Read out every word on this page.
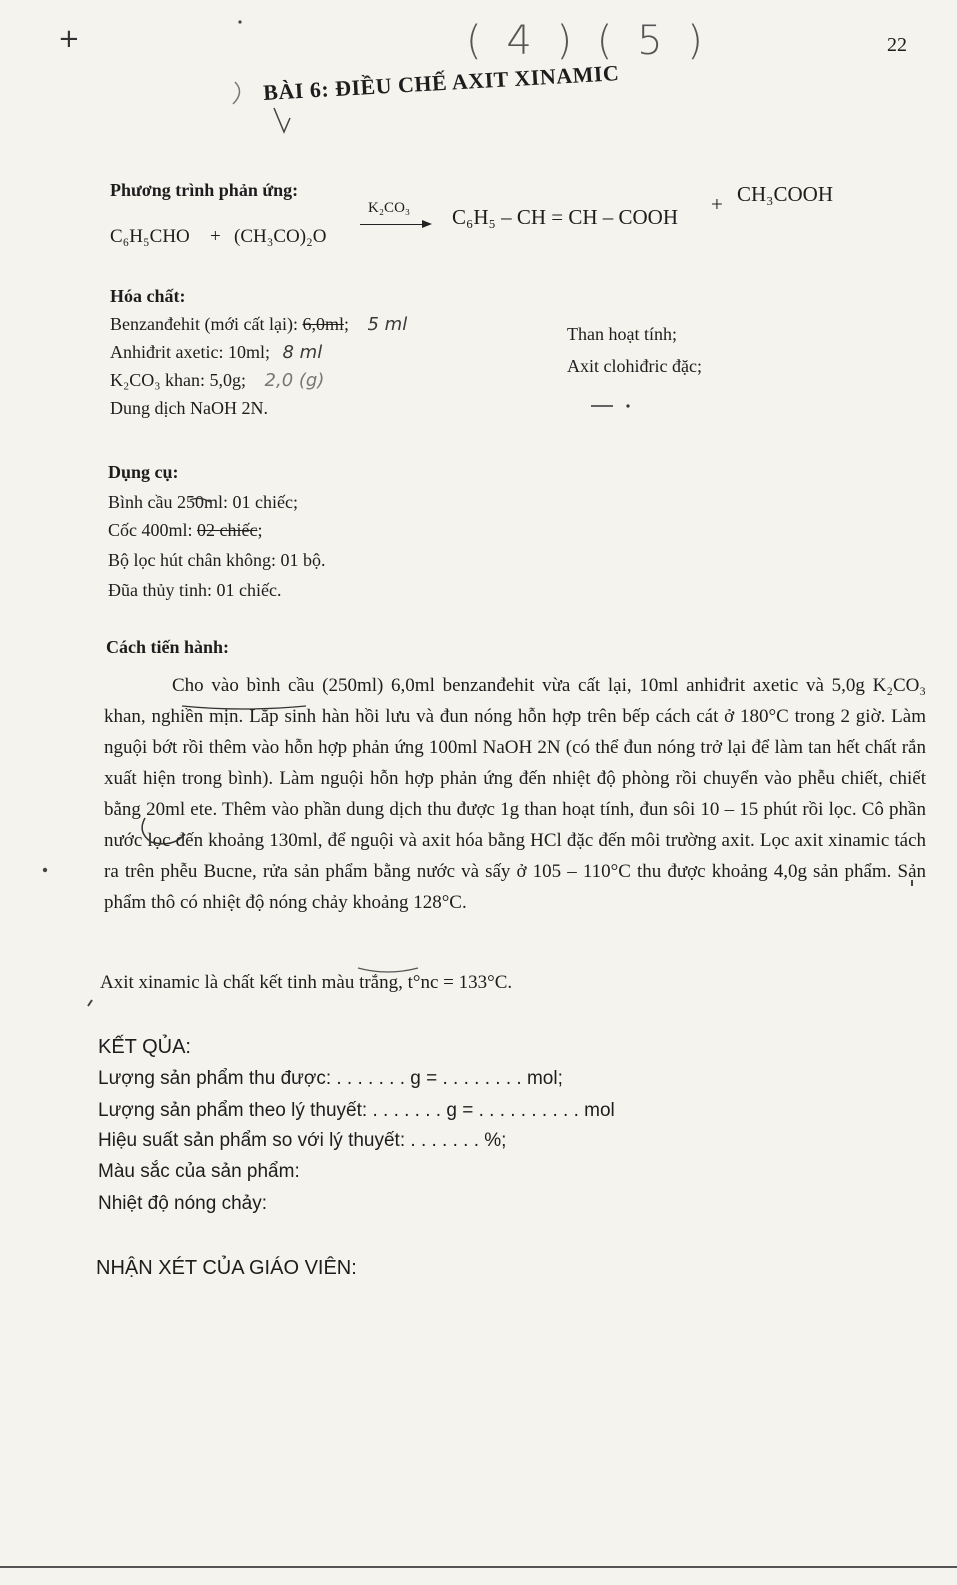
+	( 4 ) ( 5 )	22
BÀI 6: ĐIỀU CHẾ AXIT XINAMIC
Phương trình phản ứng:
C₆H₅CHO + (CH₃CO)₂O
K₂CO₃ C₆H₅ – CH = CH – COOH
+ CH₃COOH
Hóa chất:
Benzanđehit (mới cất lại): 6,0ml; 5 ml
Anhiđrit axetic: 10ml; 8 ml
K₂CO₃ khan: 5,0g; 2,0 (g)
Dung dịch NaOH 2N.
Than hoạt tính;
Axit clohiđric đặc;
Dụng cụ:
Bình cầu 250ml: 01 chiếc;
Cốc 400ml: 02 chiếc;
Bộ lọc hút chân không: 01 bộ.
Đũa thủy tinh: 01 chiếc.
Cách tiến hành:

Cho vào bình cầu (250ml) 6,0ml benzanđehit vừa cất lại, 10ml anhiđrit axetic và 5,0g K₂CO₃ khan, nghiền mịn. Lắp sinh hàn hồi lưu và đun nóng hỗn hợp trên bếp cách cát ở 180°C trong 2 giờ. Làm nguội bớt rồi thêm vào hỗn hợp phản ứng 100ml NaOH 2N (có thể đun nóng trở lại để làm tan hết chất rắn xuất hiện trong bình). Làm nguội hỗn hợp phản ứng đến nhiệt độ phòng rồi chuyển vào phễu chiết, chiết bằng 20ml ete. Thêm vào phần dung dịch thu được 1g than hoạt tính, đun sôi 10 – 15 phút rồi lọc. Cô phần nước lọc đến khoảng 130ml, để nguội và axit hóa bằng HCl đặc đến môi trường axit. Lọc axit xinamic tách ra trên phễu Bucne, rửa sản phẩm bằng nước và sấy ở 105 – 110°C thu được khoảng 4,0g sản phẩm. Sản phẩm thô có nhiệt độ nóng chảy khoảng 128°C.

Axit xinamic là chất kết tinh màu trắng, t°nc = 133°C.
KẾT QỦA:
Lượng sản phẩm thu được: . . . . . . . g = . . . . . . . . mol;
Lượng sản phẩm theo lý thuyết: . . . . . . . g = . . . . . . . . . . mol
Hiệu suất sản phẩm so với lý thuyết: . . . . . . . %;
Màu sắc của sản phẩm:
Nhiệt độ nóng chảy:
NHẬN XÉT CỦA GIÁO VIÊN:
